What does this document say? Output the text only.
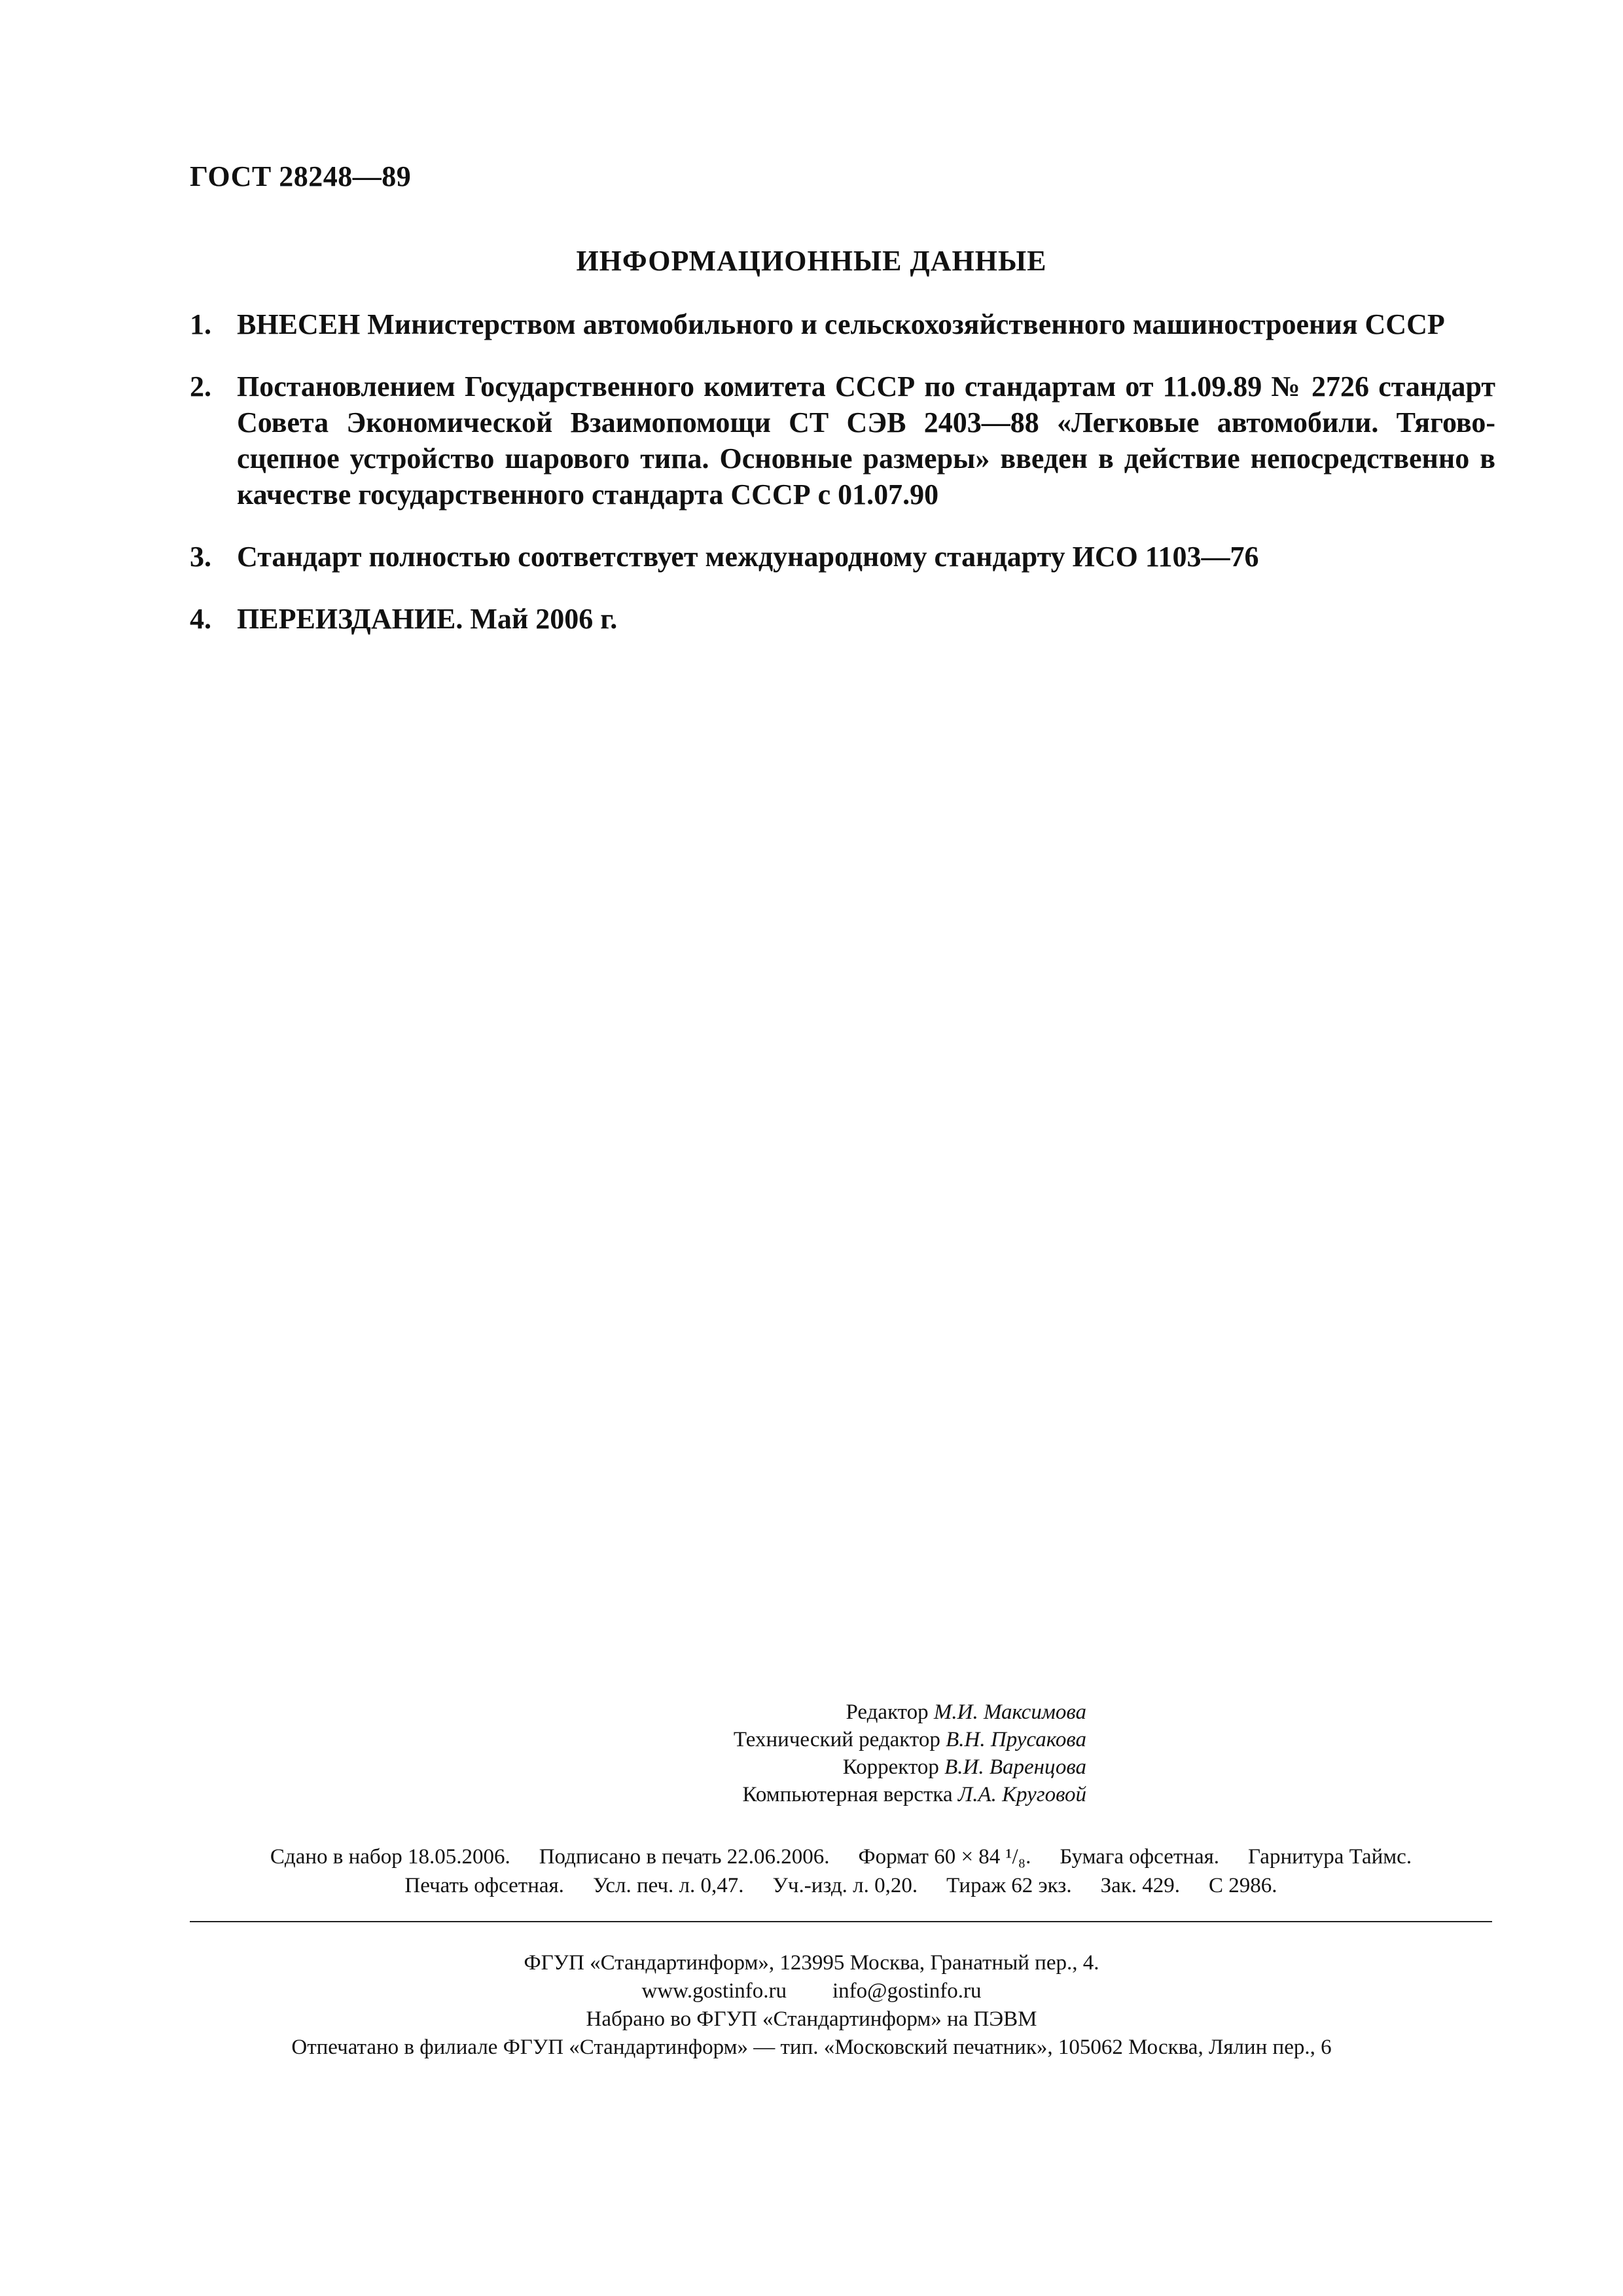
ГОСТ 28248—89
ИНФОРМАЦИОННЫЕ ДАННЫЕ
1. ВНЕСЕН Министерством автомобильного и сельскохозяйственного машиностроения СССР
2. Постановлением Государственного комитета СССР по стандартам от 11.09.89 № 2726 стандарт Совета Экономической Взаимопомощи СТ СЭВ 2403—88 «Легковые автомобили. Тягово-сцепное устройство шарового типа. Основные размеры» введен в действие непосредственно в качестве государственного стандарта СССР с 01.07.90
3. Стандарт полностью соответствует международному стандарту ИСО 1103—76
4. ПЕРЕИЗДАНИЕ. Май 2006 г.
Редактор М.И. Максимова
Технический редактор В.Н. Прусакова
Корректор В.И. Варенцова
Компьютерная верстка Л.А. Круговой
Сдано в набор 18.05.2006. Подписано в печать 22.06.2006. Формат 60 × 84 ¹/₈. Бумага офсетная. Гарнитура Таймс.
Печать офсетная. Усл. печ. л. 0,47. Уч.-изд. л. 0,20. Тираж 62 экз. Зак. 429. С 2986.
ФГУП «Стандартинформ», 123995 Москва, Гранатный пер., 4.
www.gostinfo.ru info@gostinfo.ru
Набрано во ФГУП «Стандартинформ» на ПЭВМ
Отпечатано в филиале ФГУП «Стандартинформ» — тип. «Московский печатник», 105062 Москва, Лялин пер., 6
